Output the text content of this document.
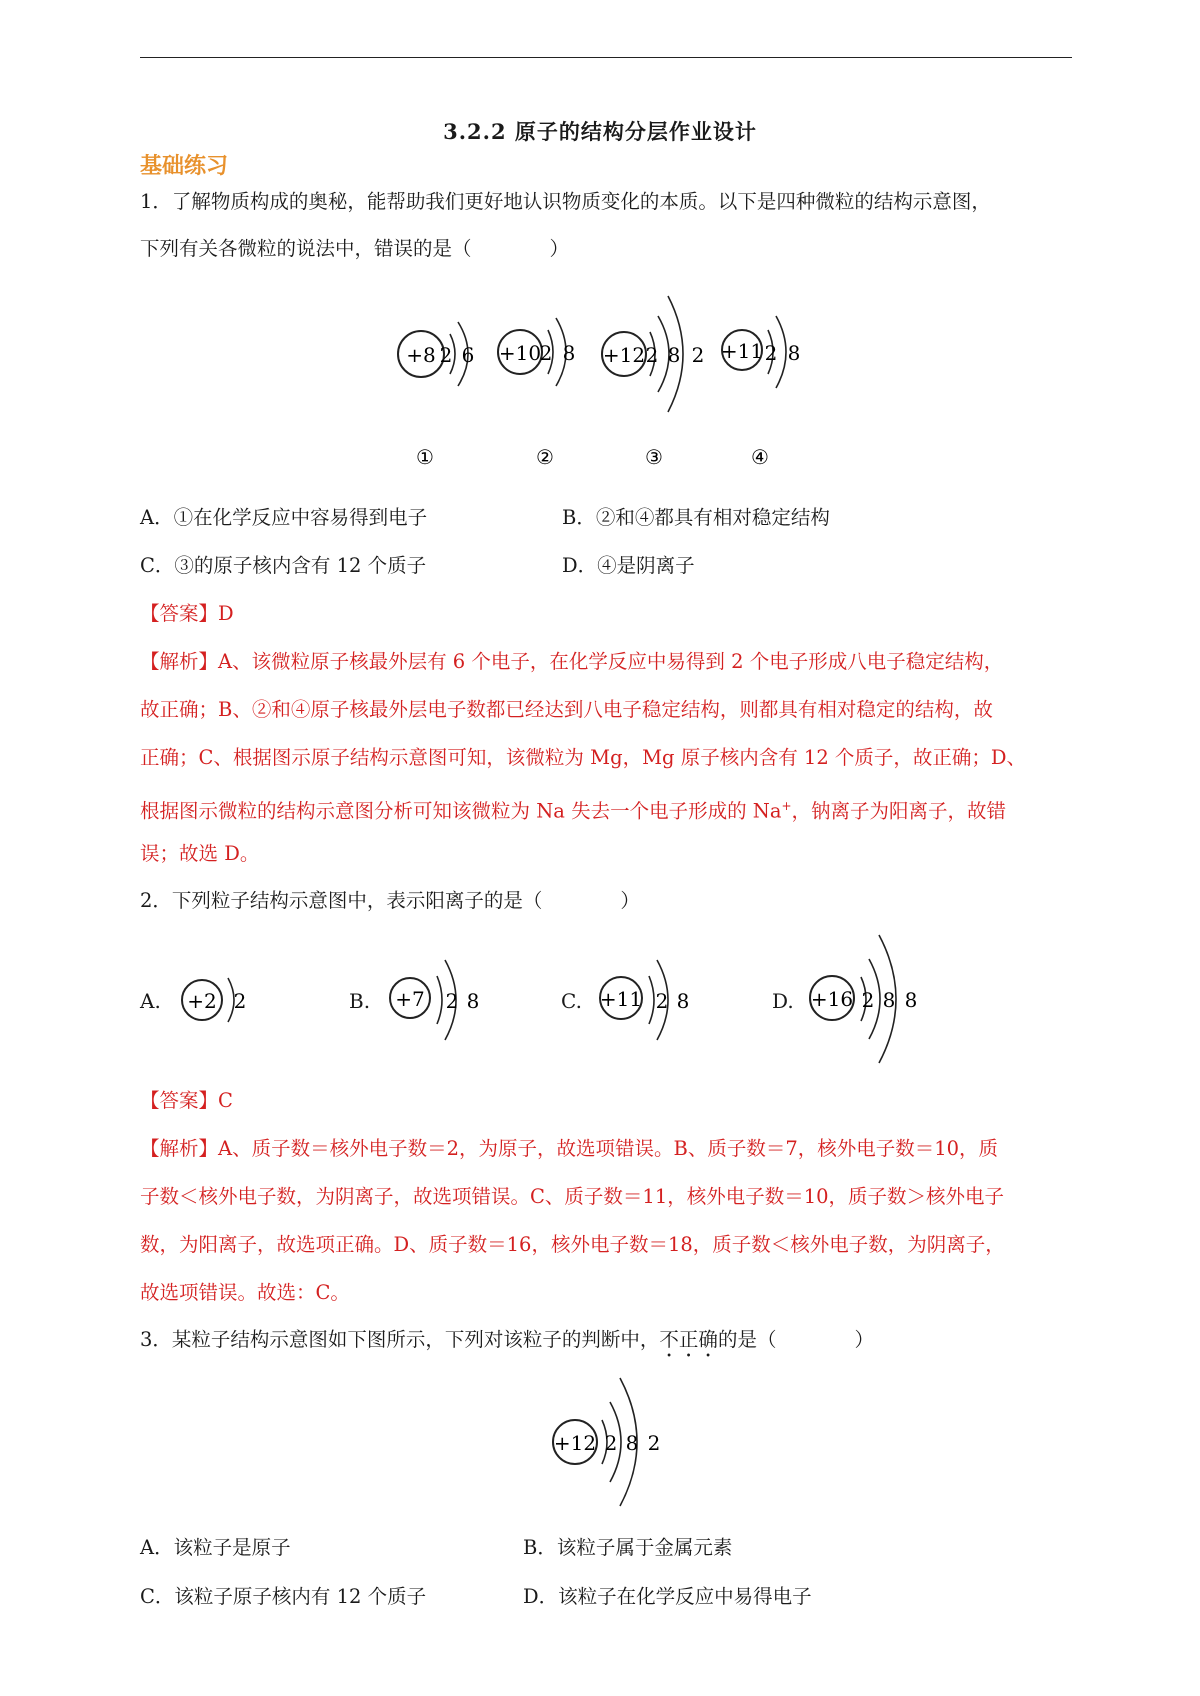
3.2.2 原子的结构分层作业设计
基础练习
1．了解物质构成的奥秘，能帮助我们更好地认识物质变化的本质。以下是四种微粒的结构示意图，
下列有关各微粒的说法中，错误的是（　　　　）
+8 2 6
①
+10
2 8
②
+12 2 8 2
③
+11 2 8
④
A．①在化学反应中容易得到电子	B．②和④都具有相对稳定结构
C．③的原子核内含有 12 个质子	D．④是阴离子
【答案】D
【解析】A、该微粒原子核最外层有 6 个电子，在化学反应中易得到 2 个电子形成八电子稳定结构，
故正确；B、②和④原子核最外层电子数都已经达到八电子稳定结构，则都具有相对稳定的结构，故
正确；C、根据图示原子结构示意图可知，该微粒为 Mg，Mg 原子核内含有 12 个质子，故正确；D、
根据图示微粒的结构示意图分析可知该微粒为 Na 失去一个电子形成的 Na+，钠离子为阳离子，故错
误；故选 D。
2．下列粒子结构示意图中，表示阳离子的是（　　　　）
A. +2 2	B. +7 2 8	C. +11 2 8	D. +16 2 8 8
【答案】C
【解析】A、质子数＝核外电子数＝2，为原子，故选项错误。B、质子数＝7，核外电子数＝10，质
子数＜核外电子数，为阴离子，故选项错误。C、质子数＝11，核外电子数＝10，质子数＞核外电子
数，为阳离子，故选项正确。D、质子数＝16，核外电子数＝18，质子数＜核外电子数，为阴离子，
故选项错误。故选：C。
3．某粒子结构示意图如下图所示，下列对该粒子的判断中，不正确的是（　　　　）
+12 2 8 2
A．该粒子是原子	B．该粒子属于金属元素
C．该粒子原子核内有 12 个质子	D．该粒子在化学反应中易得电子
